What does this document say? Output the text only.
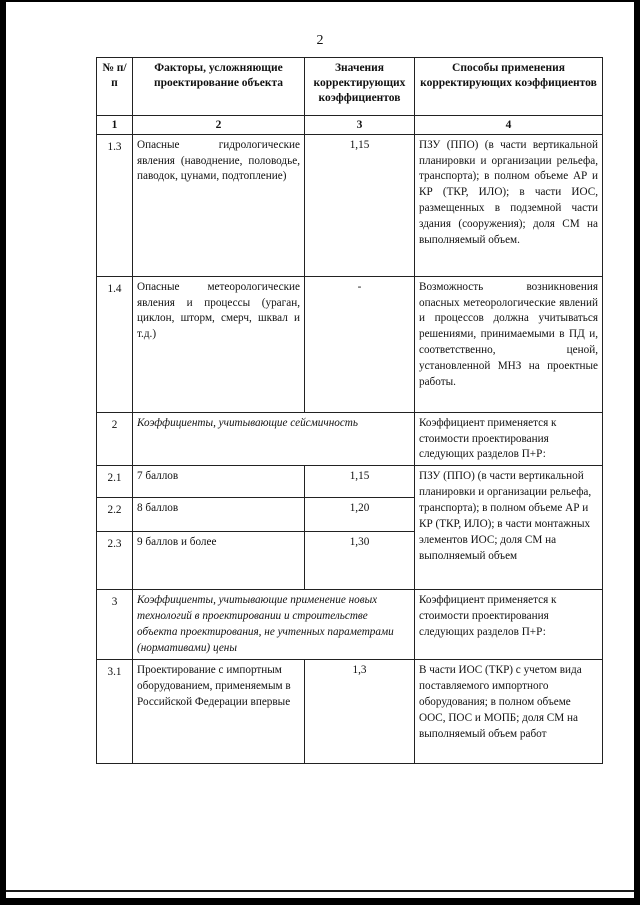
2
№ п/п	Факторы, усложняющие проектирование объекта	Значения корректирующих коэффициентов	Способы применения корректирующих коэффициентов
1	2	3	4
1.3	Опасные гидрологические явления (наводнение, половодье, паводок, цунами, подтопление)	1,15	ПЗУ (ППО) (в части вертикальной планировки и организации рельефа, транспорта); в полном объеме АР и КР (ТКР, ИЛО); в части ИОС, размещенных в подземной части здания (сооружения); доля СМ на выполняемый объем.
1.4	Опасные метеорологические явления и процессы (ураган, циклон, шторм, смерч, шквал и т.д.)	-	Возможность возникновения опасных метеорологические явлений и процессов должна учитываться решениями, принимаемыми в ПД и, соответственно, ценой, установленной МНЗ на проектные работы.
2	Коэффициенты, учитывающие сейсмичность		Коэффициент применяется к стоимости проектирования следующих разделов П+Р:
2.1	7 баллов	1,15	ПЗУ (ППО) (в части вертикальной планировки и организации рельефа, транспорта); в полном объеме АР и КР (ТКР, ИЛО); в части монтажных элементов ИОС; доля СМ на выполняемый объем
2.2	8 баллов	1,20	
2.3	9 баллов и более	1,30	
3	Коэффициенты, учитывающие применение новых технологий в проектировании и строительстве объекта проектирования, не учтенных параметрами (нормативами) цены		Коэффициент применяется к стоимости проектирования следующих разделов П+Р:
3.1	Проектирование с импортным оборудованием, применяемым в Российской Федерации впервые	1,3	В части ИОС (ТКР) с учетом вида поставляемого импортного оборудования; в полном объеме ООС, ПОС и МОПБ; доля СМ на выполняемый объем работ
